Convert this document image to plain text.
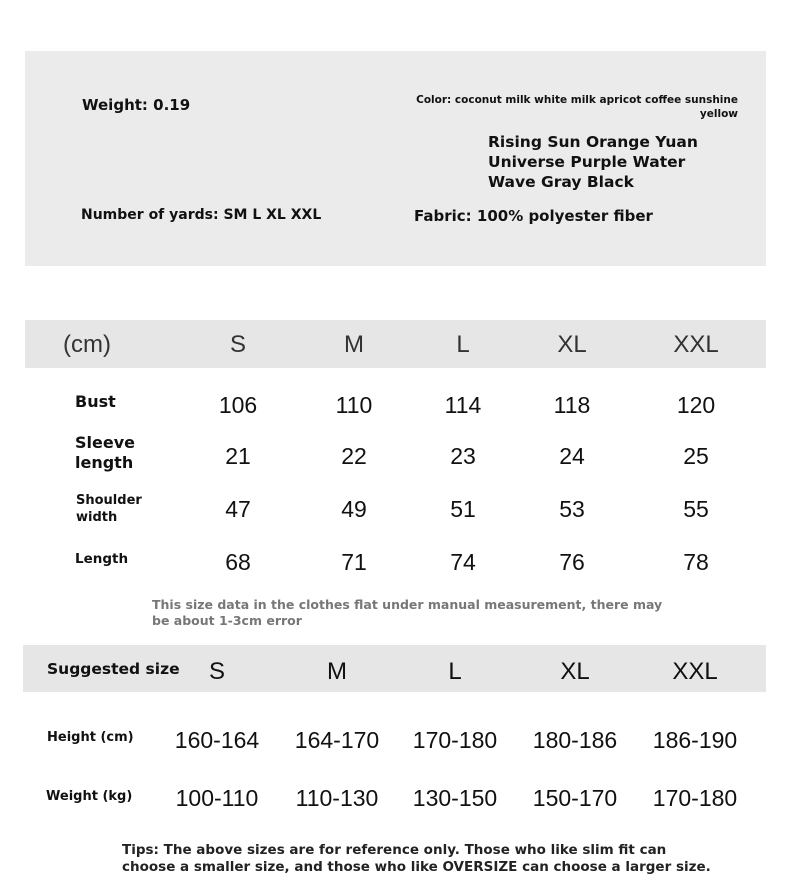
Weight: 0.19
Number of yards: SM L XL XXL
Color: coconut milk white milk apricot coffee sunshine
yellow
Rising Sun Orange Yuan
Universe Purple Water
Wave Gray Black
Fabric: 100% polyester fiber
(cm)	S	M	L	XL	XXL
Bust	106	110	114	118	120
Sleeve
length	21	22	23	24	25
Shoulder
width	47	49	51	53	55
Length	68	71	74	76	78
This size data in the clothes flat under manual measurement, there may be about 1-3cm error
Suggested size	S	M	L	XL	XXL
Height (cm)	160-164	164-170	170-180	180-186	186-190
Weight (kg)	100-110	110-130	130-150	150-170	170-180
Tips: The above sizes are for reference only. Those who like slim fit can choose a smaller size, and those who like OVERSIZE can choose a larger size.
